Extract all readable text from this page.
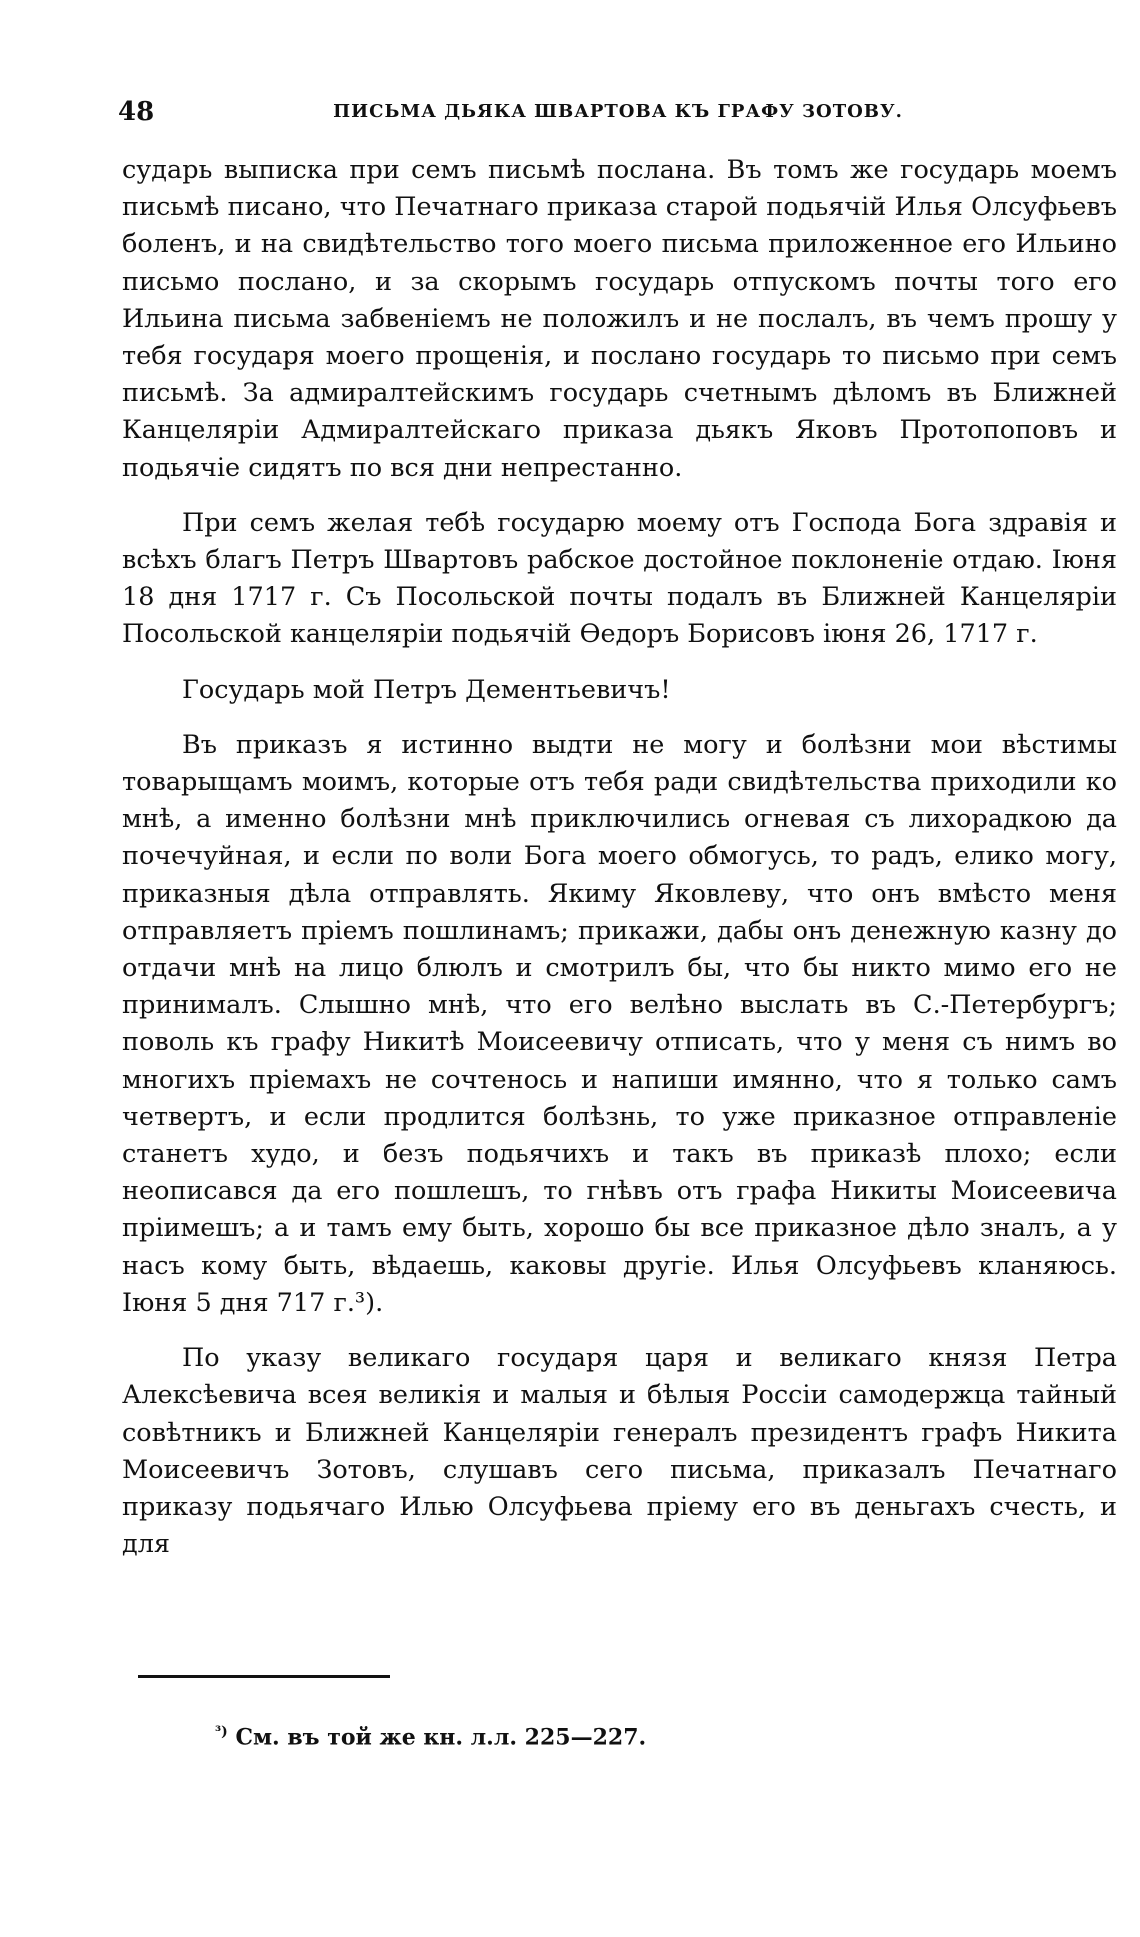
48	ПИСЬМА ДЬЯКА ШВАРТОВА КЪ ГРАФУ ЗОТОВУ.

сударь выписка при семъ письмѣ послана. Въ томъ же государь моемъ письмѣ писано, что Печатнаго приказа старой подьячій Илья Олсуфьевъ боленъ, и на свидѣтельство того моего письма приложенное его Ильино письмо послано, и за скорымъ государь отпускомъ почты того его Ильина письма забвеніемъ не положилъ и не послалъ, въ чемъ прошу у тебя государя моего прощенія, и послано государь то письмо при семъ письмѣ. За адмиралтейскимъ государь счетнымъ дѣломъ въ Ближней Канцеляріи Адмиралтейскаго приказа дьякъ Яковъ Протопоповъ и подьячіе сидятъ по вся дни непрестанно.

При семъ желая тебѣ государю моему отъ Господа Бога здравія и всѣхъ благъ Петръ Швартовъ рабское достойное поклоненіе отдаю. Іюня 18 дня 1717 г. Съ Посольской почты подалъ въ Ближней Канцеляріи Посольской канцеляріи подьячій Ѳедоръ Борисовъ іюня 26, 1717 г.

Государь мой Петръ Дементьевичъ!

Въ приказъ я истинно выдти не могу и болѣзни мои вѣстимы товарыщамъ моимъ, которые отъ тебя ради свидѣтельства приходили ко мнѣ, а именно болѣзни мнѣ приключились огневая съ лихорадкою да почечуйная, и если по воли Бога моего обмогусь, то радъ, елико могу, приказныя дѣла отправлять. Якиму Яковлеву, что онъ вмѣсто меня отправляетъ пріемъ пошлинамъ; прикажи, дабы онъ денежную казну до отдачи мнѣ на лицо блюлъ и смотрилъ бы, что бы никто мимо его не принималъ. Слышно мнѣ, что его велѣно выслать въ С.-Петербургъ; поволь къ графу Никитѣ Моисеевичу отписать, что у меня съ нимъ во многихъ пріемахъ не сочтенось и напиши имянно, что я только самъ четвертъ, и если продлится болѣзнь, то уже приказное отправленіе станетъ худо, и безъ подьячихъ и такъ въ приказѣ плохо; если неописався да его пошлешъ, то гнѣвъ отъ графа Никиты Моисеевича пріимешъ; а и тамъ ему быть, хорошо бы все приказное дѣло зналъ, а у насъ кому быть, вѣдаешь, каковы другіе. Илья Олсуфьевъ кланяюсь. Іюня 5 дня 717 г.³).

По указу великаго государя царя и великаго князя Петра Алексѣевича всея великія и малыя и бѣлыя Россіи самодержца тайный совѣтникъ и Ближней Канцеляріи генералъ президентъ графъ Никита Моисеевичъ Зотовъ, слушавъ сего письма, приказалъ Печатнаго приказу подьячаго Илью Олсуфьева пріему его въ деньгахъ счесть, и для

$^{^3)}$ См. въ той же кн. л.л. 225—227.
